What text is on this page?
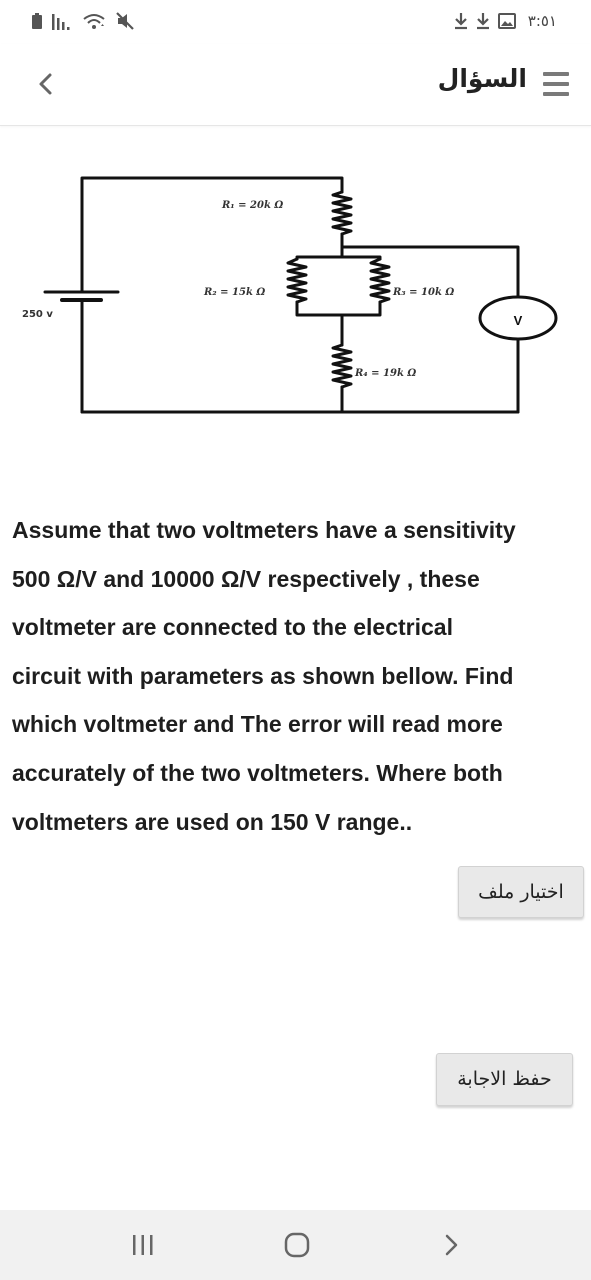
٣:٥١
السؤال
V
R₁ = 20k Ω
R₂ = 15k Ω	R₃ = 10k Ω
R₄ = 19k Ω
250 v
Assume that two voltmeters have a sensitivity
500 Ω/V and 10000 Ω/V respectively , these
voltmeter are connected to the electrical
circuit with parameters as shown bellow. Find
which voltmeter and The error will read more
accurately of the two voltmeters. Where both
voltmeters are used on 150 V range..
اختيار ملف
حفظ الاجابة
